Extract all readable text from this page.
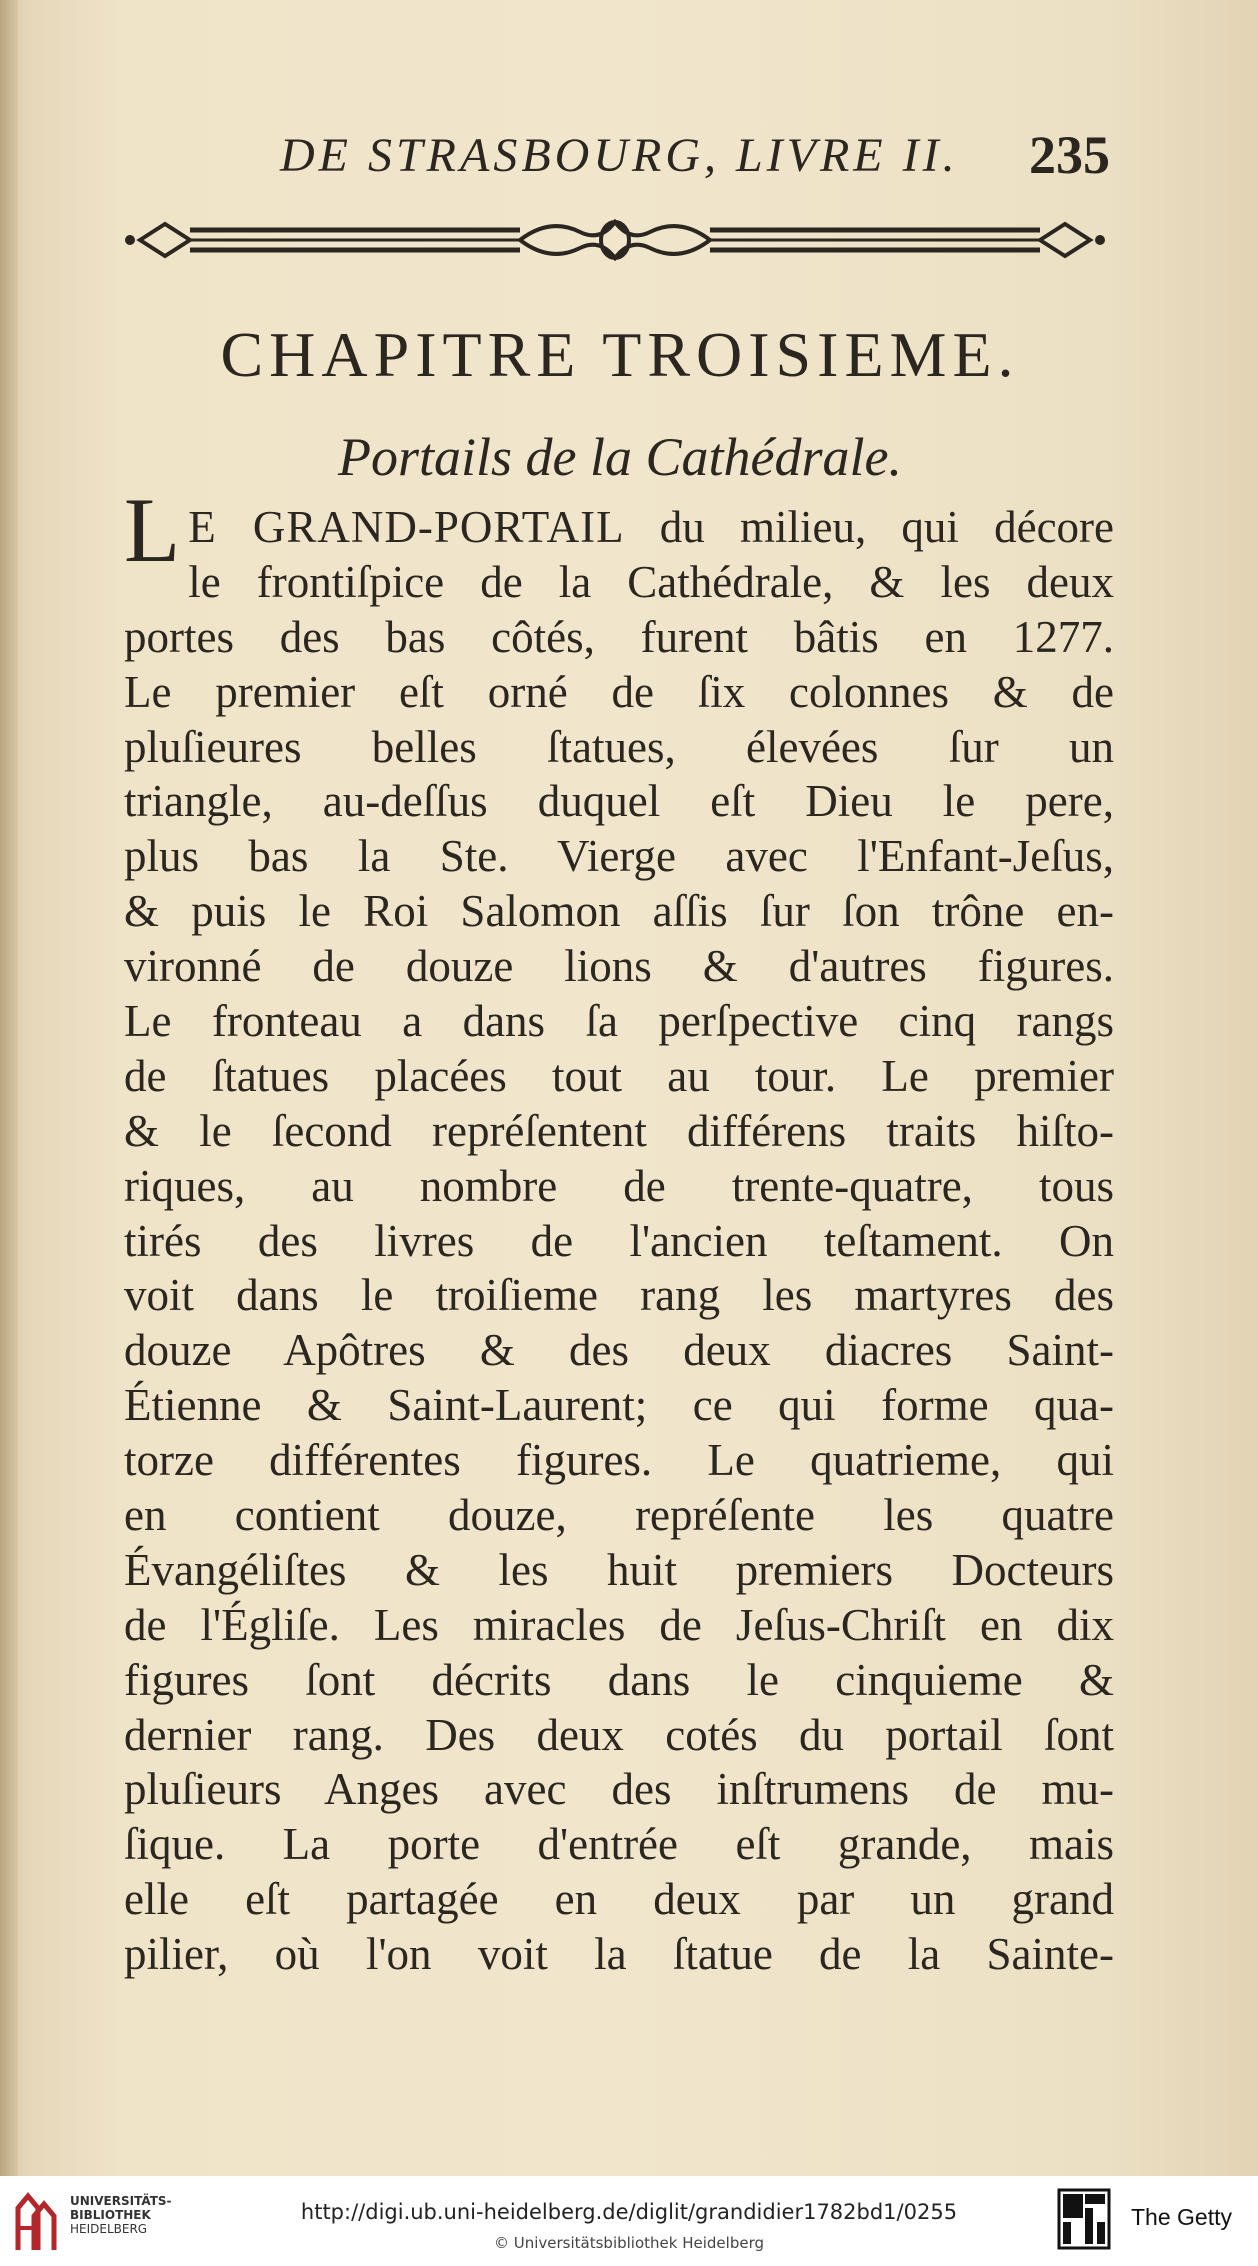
DE STRASBOURG, LIVRE II. 235
CHAPITRE TROISIEME.
Portails de la Cathédrale.
L E GRAND-PORTAIL du milieu, qui décore
le frontiſpice de la Cathédrale, & les deux
portes des bas côtés, furent bâtis en 1277.
Le premier eſt orné de ſix colonnes & de
pluſieures belles ſtatues, élevées ſur un
triangle, au-deſſus duquel eſt Dieu le pere,
plus bas la Ste. Vierge avec l'Enfant-Jeſus,
& puis le Roi Salomon aſſis ſur ſon trône en-
vironné de douze lions & d'autres figures.
Le fronteau a dans ſa perſpective cinq rangs
de ſtatues placées tout au tour. Le premier
& le ſecond repréſentent différens traits hiſto-
riques, au nombre de trente-quatre, tous
tirés des livres de l'ancien teſtament. On
voit dans le troiſieme rang les martyres des
douze Apôtres & des deux diacres Saint-
Étienne & Saint-Laurent; ce qui forme qua-
torze différentes figures. Le quatrieme, qui
en contient douze, repréſente les quatre
Évangéliſtes & les huit premiers Docteurs
de l'Égliſe. Les miracles de Jeſus-Chriſt en dix
figures ſont décrits dans le cinquieme &
dernier rang. Des deux cotés du portail ſont
pluſieurs Anges avec des inſtrumens de mu-
ſique. La porte d'entrée eſt grande, mais
elle eſt partagée en deux par un grand
pilier, où l'on voit la ſtatue de la Sainte-
UNIVERSITÄTS-
BIBLIOTHEK
HEIDELBERG
http://digi.ub.uni-heidelberg.de/diglit/grandidier1782bd1/0255
© Universitätsbibliothek Heidelberg
The Getty
